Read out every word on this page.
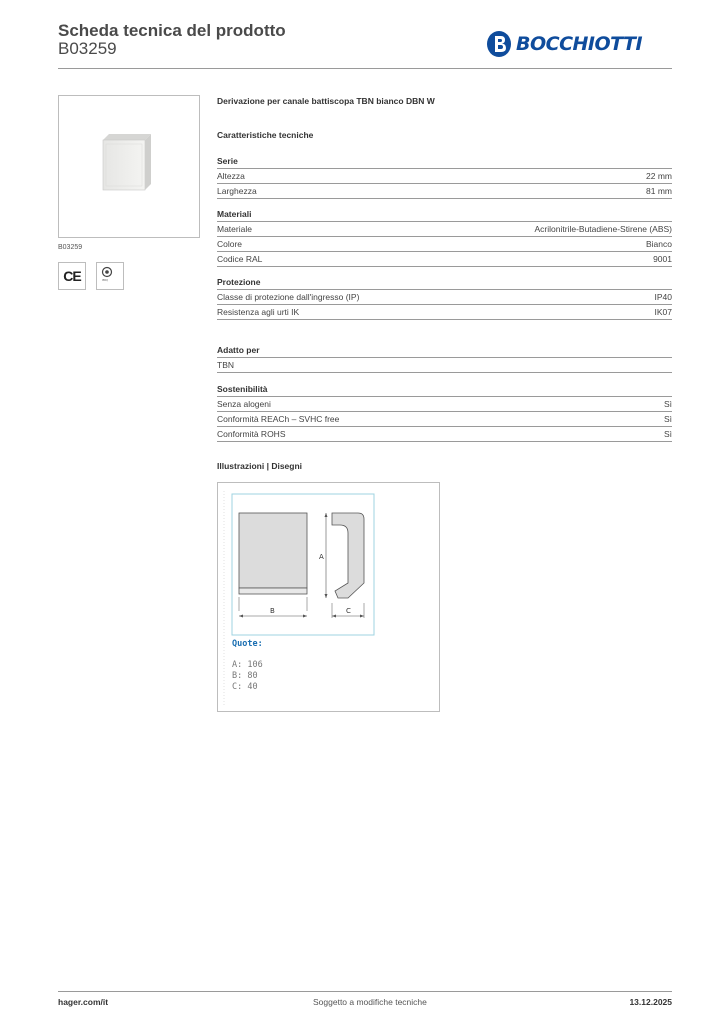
Scheda tecnica del prodotto
B03259	BOCCHIOTTI
B03259
CE	IMQ
Derivazione per canale battiscopa TBN bianco DBN W
Caratteristiche tecniche
Serie
Altezza	22 mm
Larghezza	81 mm
Materiali
Materiale	Acrilonitrile-Butadiene-Stirene (ABS)
Colore	Bianco
Codice RAL	9001
Protezione
Classe di protezione dall'ingresso (IP)	IP40
Resistenza agli urti IK	IK07
Adatto per
TBN
Sostenibilità
Senza alogeni	Sì
Conformità REACh – SVHC free	Sì
Conformità ROHS	Sì
Illustrazioni | Disegni
B
A
C
Quote:
A: 106
B: 80
C: 40
hager.com/it	Soggetto a modifiche tecniche	13.12.2025
